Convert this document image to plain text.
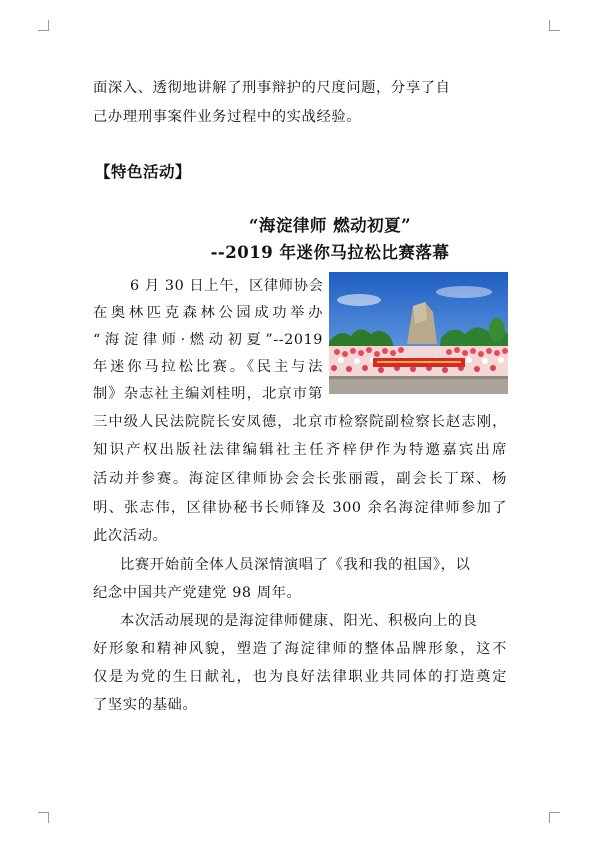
面深入、透彻地讲解了刑事辩护的尺度问题，分享了自
己办理刑事案件业务过程中的实战经验。
【特色活动】
“海淀律师 燃动初夏”
--2019 年迷你马拉松比赛落幕
6 月 30 日上午，区律师协会
在奥林匹克森林公园成功举办
“海淀律师·燃动初夏”--2019
年迷你马拉松比赛。《民主与法
制》杂志社主编刘桂明，北京市第
三中级人民法院院长安凤德，北京市检察院副检察长赵志刚，
知识产权出版社法律编辑社主任齐梓伊作为特邀嘉宾出席
活动并参赛。海淀区律师协会会长张丽霞，副会长丁琛、杨
明、张志伟，区律协秘书长师锋及 300 余名海淀律师参加了
此次活动。
比赛开始前全体人员深情演唱了《我和我的祖国》，以
纪念中国共产党建党 98 周年。
本次活动展现的是海淀律师健康、阳光、积极向上的良
好形象和精神风貌，塑造了海淀律师的整体品牌形象，这不
仅是为党的生日献礼，也为良好法律职业共同体的打造奠定
了坚实的基础。
